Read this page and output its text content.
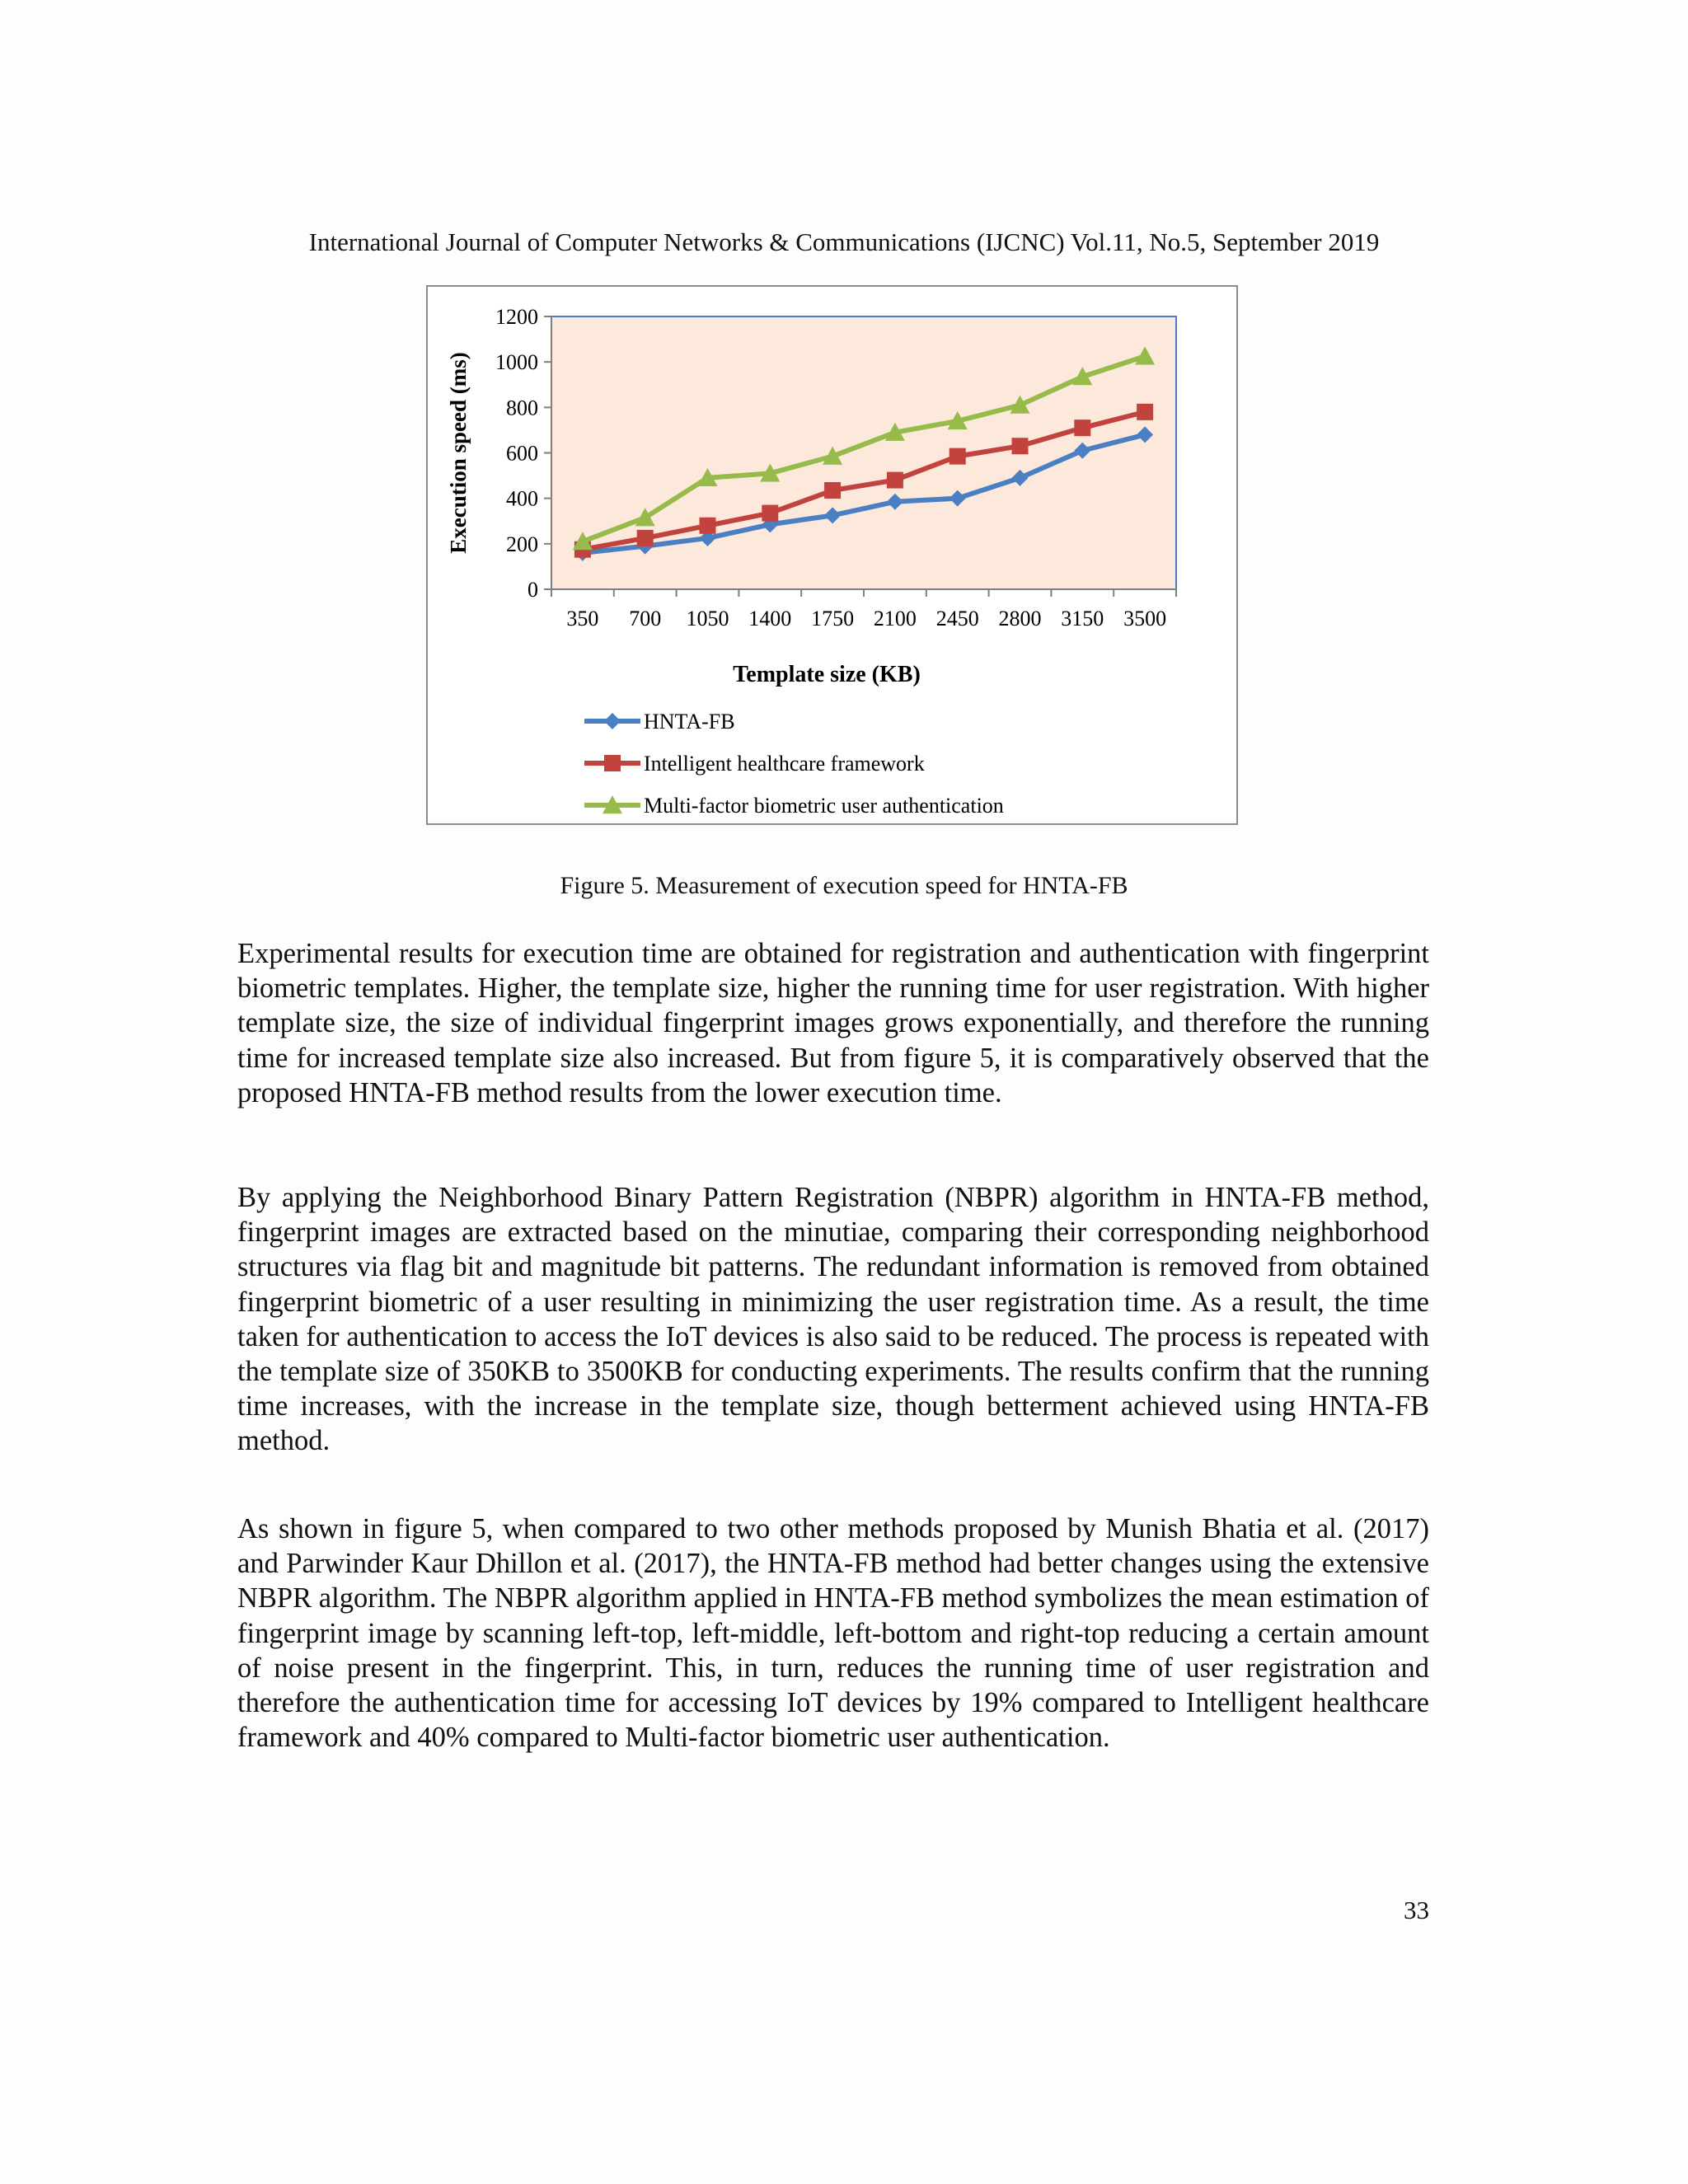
International Journal of Computer Networks & Communications (IJCNC) Vol.11, No.5, September 2019
0
200
400
600
800
1000
1200
350 700 1050 1400 1750 2100 2450 2800 3150 3500
Execution speed (ms)
Template size (KB)
HNTA-FB
Intelligent healthcare framework
Multi-factor biometric user authentication
Figure 5. Measurement of execution speed for HNTA-FB

Experimental results for execution time are obtained for registration and authentication with fingerprint biometric templates. Higher, the template size, higher the running time for user registration. With higher template size, the size of individual fingerprint images grows exponentially, and therefore the running time for increased template size also increased. But from figure 5, it is comparatively observed that the proposed HNTA-FB method results from the lower execution time.

By applying the Neighborhood Binary Pattern Registration (NBPR) algorithm in HNTA-FB method, fingerprint images are extracted based on the minutiae, comparing their corresponding neighborhood structures via flag bit and magnitude bit patterns. The redundant information is removed from obtained fingerprint biometric of a user resulting in minimizing the user registration time. As a result, the time taken for authentication to access the IoT devices is also said to be reduced. The process is repeated with the template size of 350KB to 3500KB for conducting experiments. The results confirm that the running time increases, with the increase in the template size, though betterment achieved using HNTA-FB method.

As shown in figure 5, when compared to two other methods proposed by Munish Bhatia et al. (2017) and Parwinder Kaur Dhillon et al. (2017), the HNTA-FB method had better changes using the extensive NBPR algorithm. The NBPR algorithm applied in HNTA-FB method symbolizes the mean estimation of fingerprint image by scanning left-top, left-middle, left-bottom and right-top reducing a certain amount of noise present in the fingerprint. This, in turn, reduces the running time of user registration and therefore the authentication time for accessing IoT devices by 19% compared to Intelligent healthcare framework and 40% compared to Multi-factor biometric user authentication.

33
